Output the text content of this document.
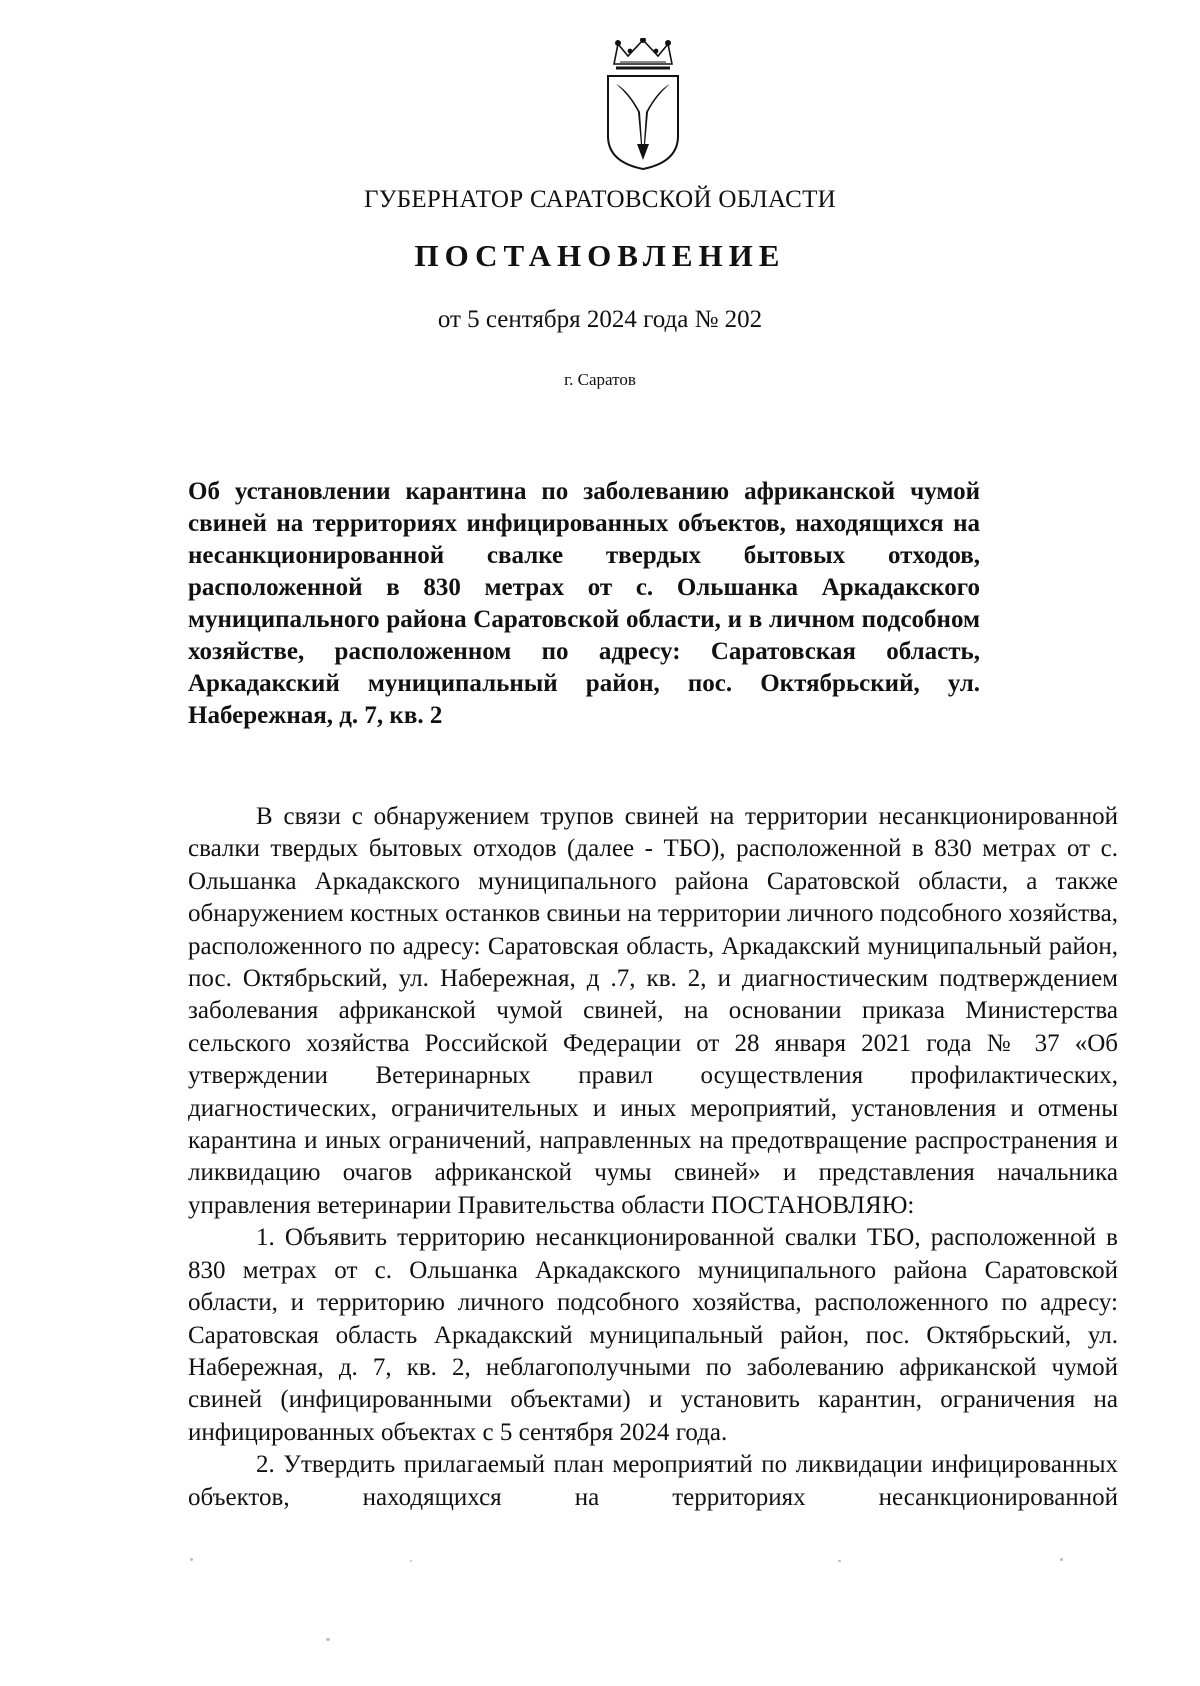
ГУБЕРНАТОР САРАТОВСКОЙ ОБЛАСТИ
ПОСТАНОВЛЕНИЕ
от 5 сентября 2024 года № 202
г. Саратов
Об установлении карантина по заболеванию африканской чумой свиней на территориях инфицированных объектов, находящихся на несанкционированной свалке твердых бытовых отходов, расположенной в 830 метрах от с. Ольшанка Аркадакского муниципального района Саратовской области, и в личном подсобном хозяйстве, расположенном по адресу: Саратовская область, Аркадакский муниципальный район, пос. Октябрьский, ул. Набережная, д. 7, кв. 2

В связи с обнаружением трупов свиней на территории несанкционированной свалки твердых бытовых отходов (далее - ТБО), расположенной в 830 метрах от с. Ольшанка Аркадакского муниципального района Саратовской области, а также обнаружением костных останков свиньи на территории личного подсобного хозяйства, расположенного по адресу: Саратовская область, Аркадакский муниципальный район, пос. Октябрьский, ул. Набережная, д .7, кв. 2, и диагностическим подтверждением заболевания африканской чумой свиней, на основании приказа Министерства сельского хозяйства Российской Федерации от 28 января 2021 года № 37 «Об утверждении Ветеринарных правил осуществления профилактических, диагностических, ограничительных и иных мероприятий, установления и отмены карантина и иных ограничений, направленных на предотвращение распространения и ликвидацию очагов африканской чумы свиней» и представления начальника управления ветеринарии Правительства области ПОСТАНОВЛЯЮ:

1. Объявить территорию несанкционированной свалки ТБО, расположенной в 830 метрах от с. Ольшанка Аркадакского муниципального района Саратовской области, и территорию личного подсобного хозяйства, расположенного по адресу: Саратовская область Аркадакский муниципальный район, пос. Октябрьский, ул. Набережная, д. 7, кв. 2, неблагополучными по заболеванию африканской чумой свиней (инфицированными объектами) и установить карантин, ограничения на инфицированных объектах с 5 сентября 2024 года.

2. Утвердить прилагаемый план мероприятий по ликвидации инфицированных объектов, находящихся на территориях несанкционированной
